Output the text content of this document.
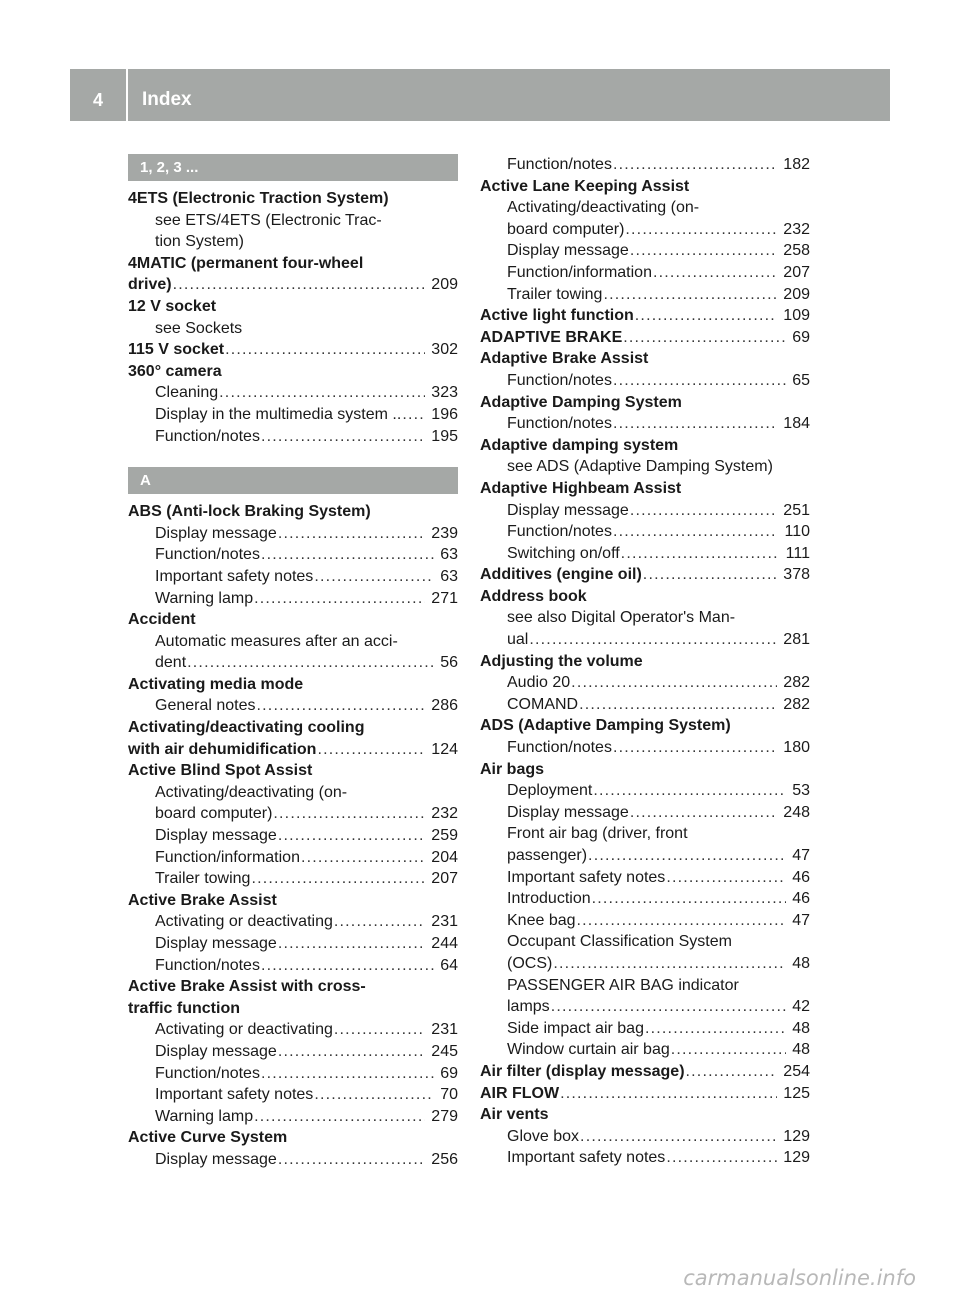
4	Index
1, 2, 3 ...
4ETS (Electronic Traction System)
see ETS/4ETS (Electronic Trac-
tion System)
4MATIC (permanent four-wheel
drive) .....	209
12 V socket
see Sockets
115 V socket .....	302
360° camera
Cleaning .....	323
Display in the multimedia system .. ..... 196
Function/notes .....	195
A
ABS (Anti-lock Braking System)
Display message .....	239
Function/notes .....	63
Important safety notes .....	63
Warning lamp .....	271
Accident
Automatic measures after an acci-
dent .....	56
Activating media mode
General notes .....	286
Activating/deactivating cooling
with air dehumidification .....	124
Active Blind Spot Assist
Activating/deactivating (on-
board computer) .....	232
Display message .....	259
Function/information .....	204
Trailer towing .....	207
Active Brake Assist
Activating or deactivating .....	231
Display message .....	244
Function/notes .....	64
Active Brake Assist with cross-
traffic function
Activating or deactivating .....	231
Display message .....	245
Function/notes .....	69
Important safety notes .....	70
Warning lamp .....	279
Active Curve System
Display message .....	256
Function/notes .....	182
Active Lane Keeping Assist
Activating/deactivating (on-
board computer) .....	232
Display message .....	258
Function/information .....	207
Trailer towing .....	209
Active light function .....	109
ADAPTIVE BRAKE .....	69
Adaptive Brake Assist
Function/notes .....	65
Adaptive Damping System
Function/notes .....	184
Adaptive damping system
see ADS (Adaptive Damping System)
Adaptive Highbeam Assist
Display message .....	251
Function/notes .....	110
Switching on/off .....	111
Additives (engine oil) .....	378
Address book
see also Digital Operator's Man-
ual .....	281
Adjusting the volume
Audio 20 .....	282
COMAND .....	282
ADS (Adaptive Damping System)
Function/notes .....	180
Air bags
Deployment .....	53
Display message .....	248
Front air bag (driver, front
passenger) .....	47
Important safety notes .....	46
Introduction .....	46
Knee bag .....	47
Occupant Classification System
(OCS) .....	48
PASSENGER AIR BAG indicator
lamps .....	42
Side impact air bag .....	48
Window curtain air bag .....	48
Air filter (display message) .....	254
AIR FLOW .....	125
Air vents
Glove box .....	129
Important safety notes .....	129
carmanualsonline.info
